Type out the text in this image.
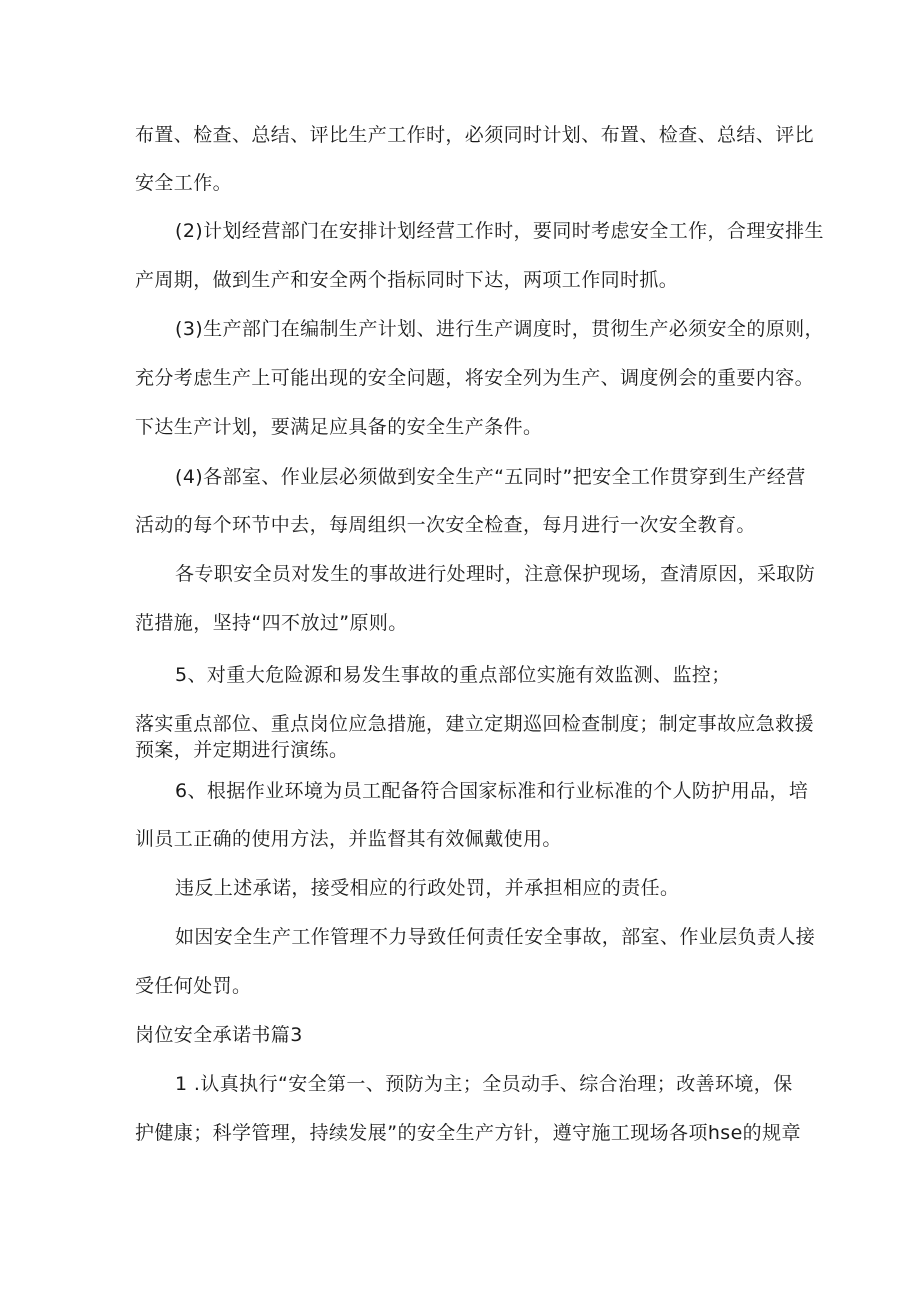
布置、检查、总结、评比生产工作时，必须同时计划、布置、检查、总结、评比
安全工作。
(2)计划经营部门在安排计划经营工作时，要同时考虑安全工作，合理安排生
产周期，做到生产和安全两个指标同时下达，两项工作同时抓。
(3)生产部门在编制生产计划、进行生产调度时，贯彻生产必须安全的原则，
充分考虑生产上可能出现的安全问题，将安全列为生产、调度例会的重要内容。
下达生产计划，要满足应具备的安全生产条件。
(4)各部室、作业层必须做到安全生产“五同时”把安全工作贯穿到生产经营
活动的每个环节中去，每周组织一次安全检查，每月进行一次安全教育。
各专职安全员对发生的事故进行处理时，注意保护现场，查清原因，采取防
范措施，坚持“四不放过”原则。
5、对重大危险源和易发生事故的重点部位实施有效监测、监控；
落实重点部位、重点岗位应急措施，建立定期巡回检查制度；制定事故应急救援
预案，并定期进行演练。
6、根据作业环境为员工配备符合国家标准和行业标准的个人防护用品，培
训员工正确的使用方法，并监督其有效佩戴使用。
违反上述承诺，接受相应的行政处罚，并承担相应的责任。
如因安全生产工作管理不力导致任何责任安全事故，部室、作业层负责人接
受任何处罚。
岗位安全承诺书篇3
1 .认真执行“安全第一、预防为主；全员动手、综合治理；改善环境，保
护健康；科学管理，持续发展”的安全生产方针，遵守施工现场各项hse的规章
